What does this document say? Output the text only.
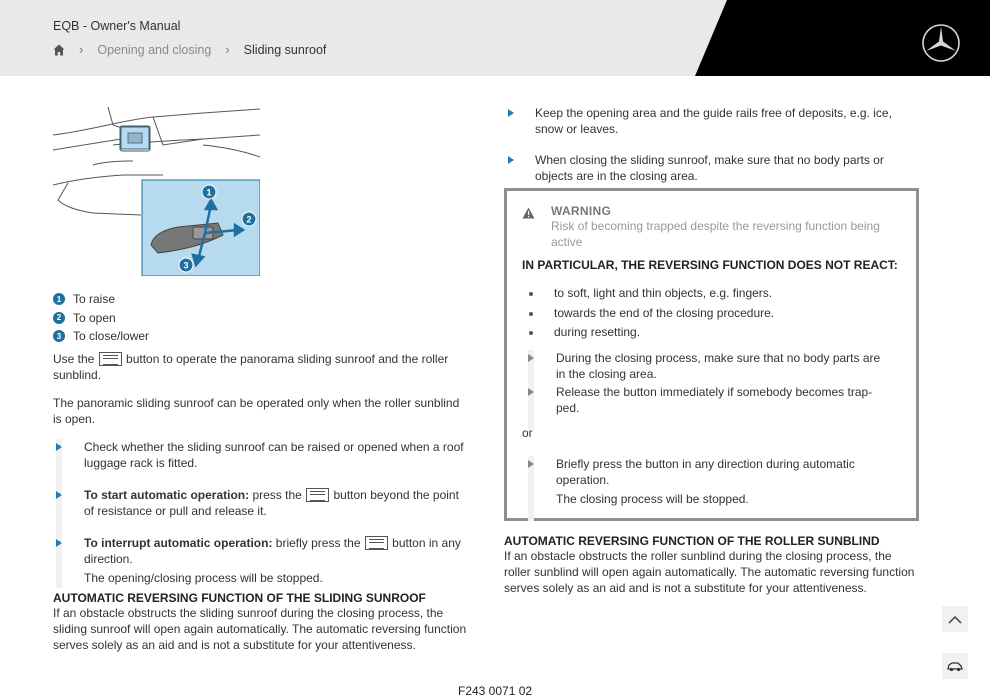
EQB - Owner's Manual
› Opening and closing › Sliding sunroof
1
2
3
1 To raise
2 To open
3 To close/lower

Use the  button to operate the panorama sliding sunroof and the roller sunblind.

The panoramic sliding sunroof can be operated only when the roller sunblind is open.

Check whether the sliding sunroof can be raised or opened when a roof luggage rack is fitted.

To start automatic operation: press the  button beyond the point of resistance or pull and release it.

To interrupt automatic operation: briefly press the  button in any direction.

The opening/closing process will be stopped.

AUTOMATIC REVERSING FUNCTION OF THE SLIDING SUNROOF

If an obstacle obstructs the sliding sunroof during the closing process, the sliding sunroof will open again automatically. The automatic reversing function serves solely as an aid and is not a substitute for your attentiveness.

Keep the opening area and the guide rails free of deposits, e.g. ice, snow or leaves.

When closing the sliding sunroof, make sure that no body parts or objects are in the closing area.

WARNING
Risk of becoming trapped despite the reversing function being active
IN PARTICULAR, THE REVERSING FUNCTION DOES NOT REACT:
to soft, light and thin objects, e.g. fingers.
towards the end of the closing procedure.
during resetting.

During the closing process, make sure that no body parts are in the closing area.

Release the button immediately if somebody becomes trap-ped.

or

Briefly press the button in any direction during automatic operation.

The closing process will be stopped.

AUTOMATIC REVERSING FUNCTION OF THE ROLLER SUNBLIND

If an obstacle obstructs the roller sunblind during the closing process, the roller sunblind will open again automatically. The automatic reversing function serves solely as an aid and is not a substitute for your attentiveness.

F243 0071 02
